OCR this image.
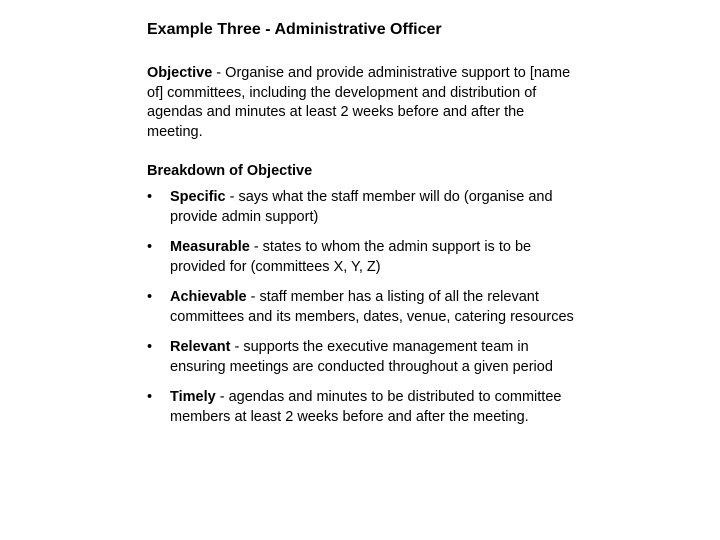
Example Three - Administrative Officer

Objective - Organise and provide administrative support to [name of] committees, including the development and distribution of agendas and minutes at least 2 weeks before and after the meeting.

Breakdown of Objective
• Specific - says what the staff member will do (organise and provide admin support)
• Measurable - states to whom the admin support is to be provided for (committees X, Y, Z)
• Achievable - staff member has a listing of all the relevant committees and its members, dates, venue, catering resources
• Relevant - supports the executive management team in ensuring meetings are conducted throughout a given period
• Timely - agendas and minutes to be distributed to committee members at least 2 weeks before and after the meeting.
